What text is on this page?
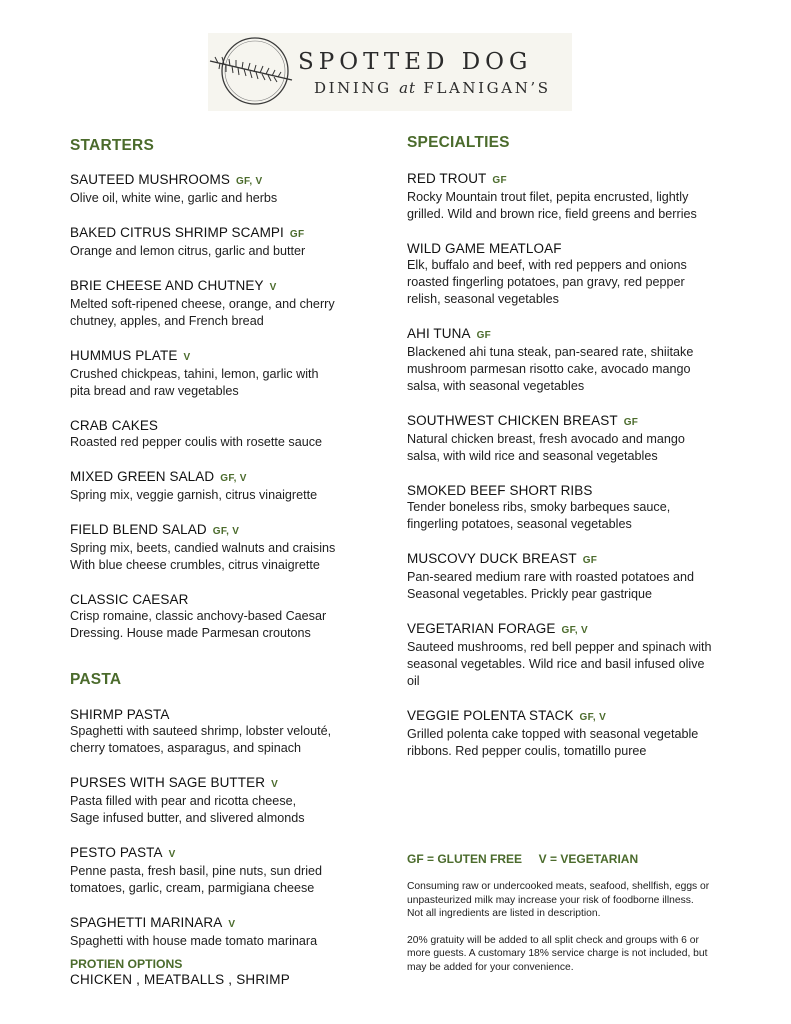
SPOTTED DOG
DINING at FLANIGAN’S
STARTERS
SAUTEED MUSHROOMS GF, V
Olive oil, white wine, garlic and herbs
BAKED CITRUS SHRIMP SCAMPI GF
Orange and lemon citrus, garlic and butter
BRIE CHEESE AND CHUTNEY V
Melted soft-ripened cheese, orange, and cherry
chutney, apples, and French bread
HUMMUS PLATE V
Crushed chickpeas, tahini, lemon, garlic with
pita bread and raw vegetables
CRAB CAKES
Roasted red pepper coulis with rosette sauce
MIXED GREEN SALAD GF, V
Spring mix, veggie garnish, citrus vinaigrette
FIELD BLEND SALAD GF, V
Spring mix, beets, candied walnuts and craisins
With blue cheese crumbles, citrus vinaigrette
CLASSIC CAESAR
Crisp romaine, classic anchovy-based Caesar
Dressing. House made Parmesan croutons
PASTA
SHIRMP PASTA
Spaghetti with sauteed shrimp, lobster velouté,
cherry tomatoes, asparagus, and spinach
PURSES WITH SAGE BUTTER V
Pasta filled with pear and ricotta cheese,
Sage infused butter, and slivered almonds
PESTO PASTA V
Penne pasta, fresh basil, pine nuts, sun dried
tomatoes, garlic, cream, parmigiana cheese
SPAGHETTI MARINARA V
Spaghetti with house made tomato marinara
PROTIEN OPTIONS
CHICKEN , MEATBALLS , SHRIMP
SPECIALTIES
RED TROUT GF
Rocky Mountain trout filet, pepita encrusted, lightly
grilled. Wild and brown rice, field greens and berries
WILD GAME MEATLOAF
Elk, buffalo and beef, with red peppers and onions
roasted fingerling potatoes, pan gravy, red pepper
relish, seasonal vegetables
AHI TUNA GF
Blackened ahi tuna steak, pan-seared rate, shiitake
mushroom parmesan risotto cake, avocado mango
salsa, with seasonal vegetables
SOUTHWEST CHICKEN BREAST GF
Natural chicken breast, fresh avocado and mango
salsa, with wild rice and seasonal vegetables
SMOKED BEEF SHORT RIBS
Tender boneless ribs, smoky barbeques sauce,
fingerling potatoes, seasonal vegetables
MUSCOVY DUCK BREAST GF
Pan-seared medium rare with roasted potatoes and
Seasonal vegetables. Prickly pear gastrique
VEGETARIAN FORAGE GF, V
Sauteed mushrooms, red bell pepper and spinach with
seasonal vegetables. Wild rice and basil infused olive
oil
VEGGIE POLENTA STACK GF, V
Grilled polenta cake topped with seasonal vegetable
ribbons. Red pepper coulis, tomatillo puree
GF = GLUTEN FREE     V = VEGETARIAN
Consuming raw or undercooked meats, seafood, shellfish, eggs or
unpasteurized milk may increase your risk of foodborne illness.
Not all ingredients are listed in description.
20% gratuity will be added to all split check and groups with 6 or
more guests. A customary 18% service charge is not included, but
may be added for your convenience.
